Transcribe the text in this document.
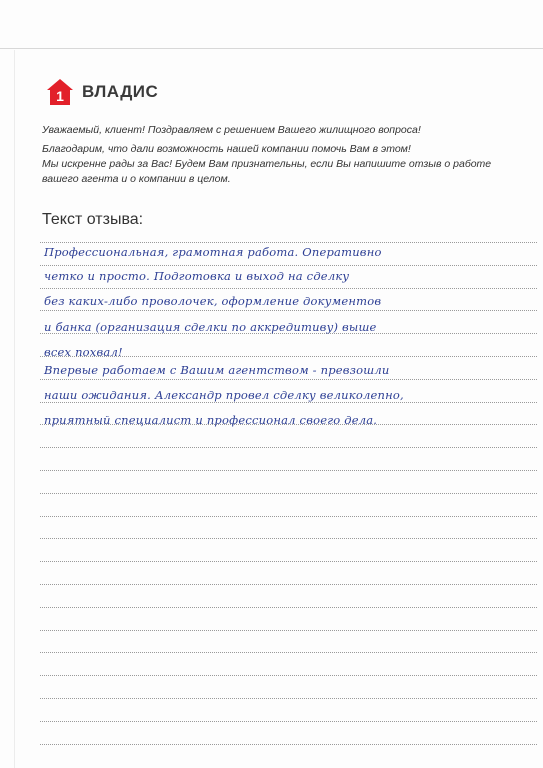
1 ВЛАДИС
Уважаемый, клиент! Поздравляем с решением Вашего жилищного вопроса!
Благодарим, что дали возможность нашей компании помочь Вам в этом!
Мы искренне рады за Вас! Будем Вам признательны, если Вы напишите отзыв о работе
вашего агента и о компании в целом.
Текст отзыва:
Профессиональная, грамотная работа. Оперативно
четко и просто. Подготовка и выход на сделку
без каких-либо проволочек, оформление документов
и банка (организация сделки по аккредитиву) выше
всех похвал!
Впервые работаем с Вашим агентством - превзошли
наши ожидания. Александр провел сделку великолепно,
приятный специалист и профессионал своего дела.
